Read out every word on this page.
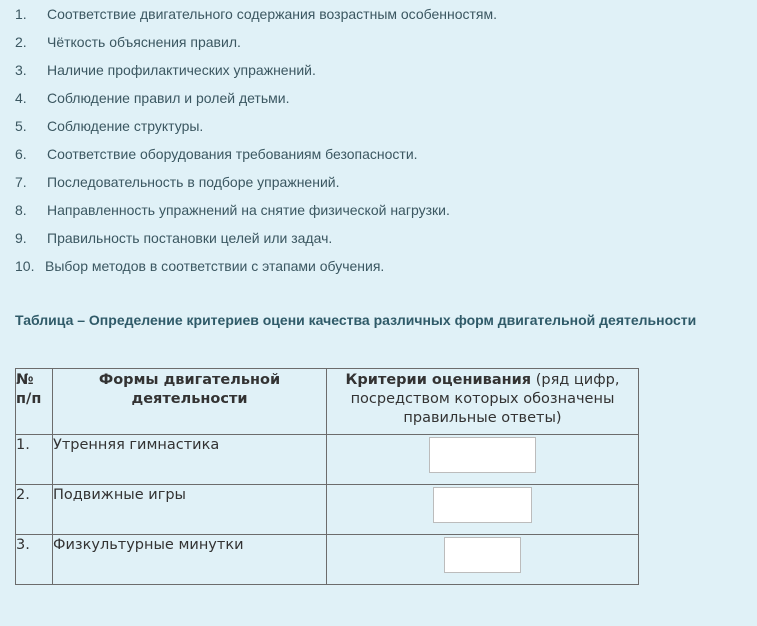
1. Соответствие двигательного содержания возрастным особенностям.
2. Чёткость объяснения правил.
3. Наличие профилактических упражнений.
4. Соблюдение правил и ролей детьми.
5. Соблюдение структуры.
6. Соответствие оборудования требованиям безопасности.
7. Последовательность в подборе упражнений.
8. Направленность упражнений на снятие физической нагрузки.
9. Правильность постановки целей или задач.
10. Выбор методов в соответствии с этапами обучения.
Таблица – Определение критериев оцени качества различных форм двигательной деятельности
№ п/п	Формы двигательной деятельности	Критерии оценивания (ряд цифр, посредством которых обозначены правильные ответы)
1.	Утренняя гимнастика	
2.	Подвижные игры	
3.	Физкультурные минутки	
